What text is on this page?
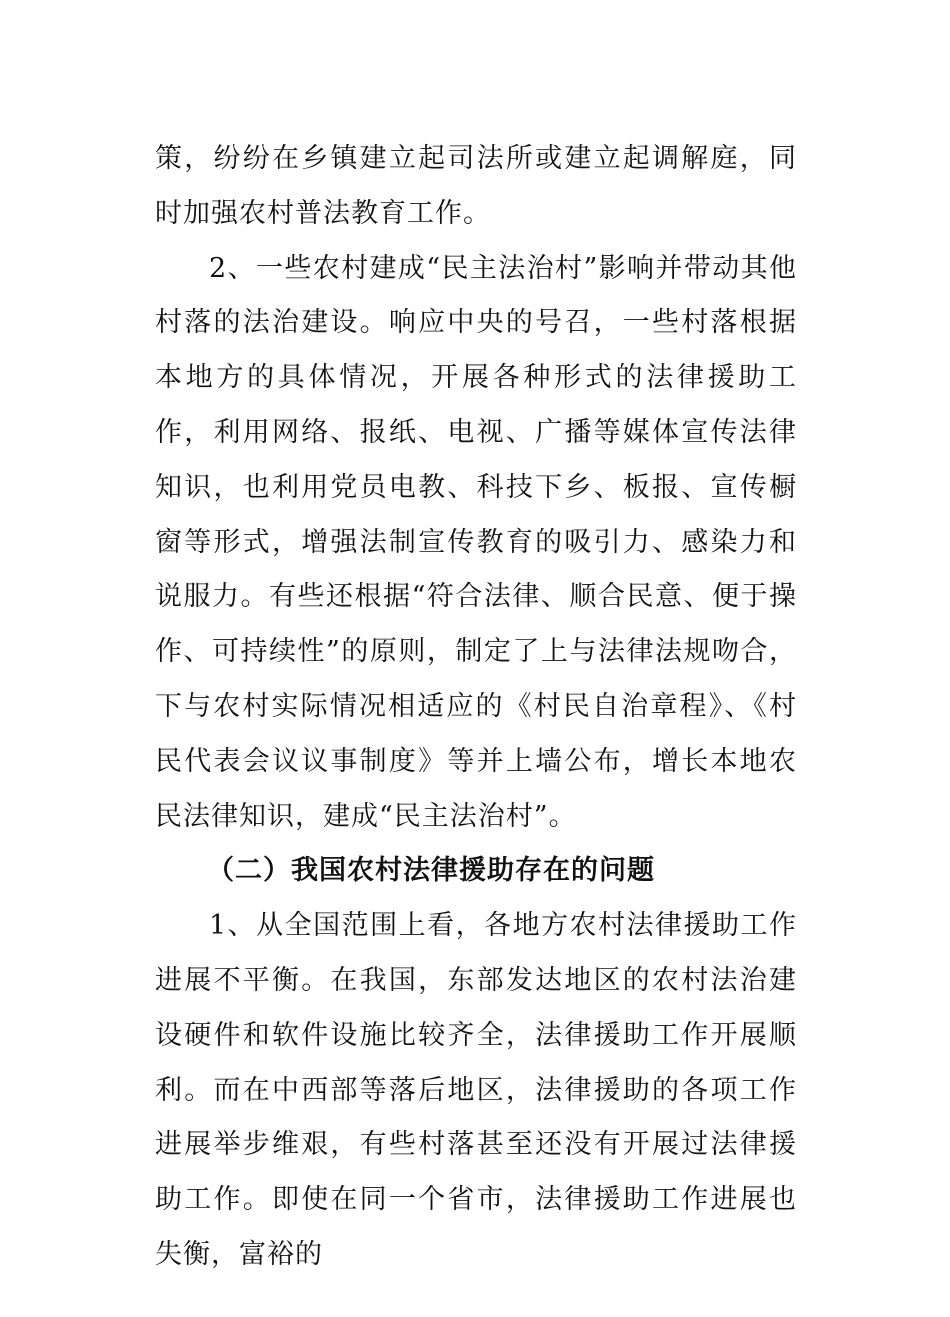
策，纷纷在乡镇建立起司法所或建立起调解庭，同时加强农村普法教育工作。

2、一些农村建成“民主法治村”影响并带动其他村落的法治建设。响应中央的号召，一些村落根据本地方的具体情况，开展各种形式的法律援助工作，利用网络、报纸、电视、广播等媒体宣传法律知识，也利用党员电教、科技下乡、板报、宣传橱窗等形式，增强法制宣传教育的吸引力、感染力和说服力。有些还根据“符合法律、顺合民意、便于操作、可持续性”的原则，制定了上与法律法规吻合，下与农村实际情况相适应的《村民自治章程》、《村民代表会议议事制度》等并上墙公布，增长本地农民法律知识，建成“民主法治村”。

（二）我国农村法律援助存在的问题

1、从全国范围上看，各地方农村法律援助工作进展不平衡。在我国，东部发达地区的农村法治建设硬件和软件设施比较齐全，法律援助工作开展顺利。而在中西部等落后地区，法律援助的各项工作进展举步维艰，有些村落甚至还没有开展过法律援助工作。即使在同一个省市，法律援助工作进展也失衡，富裕的
